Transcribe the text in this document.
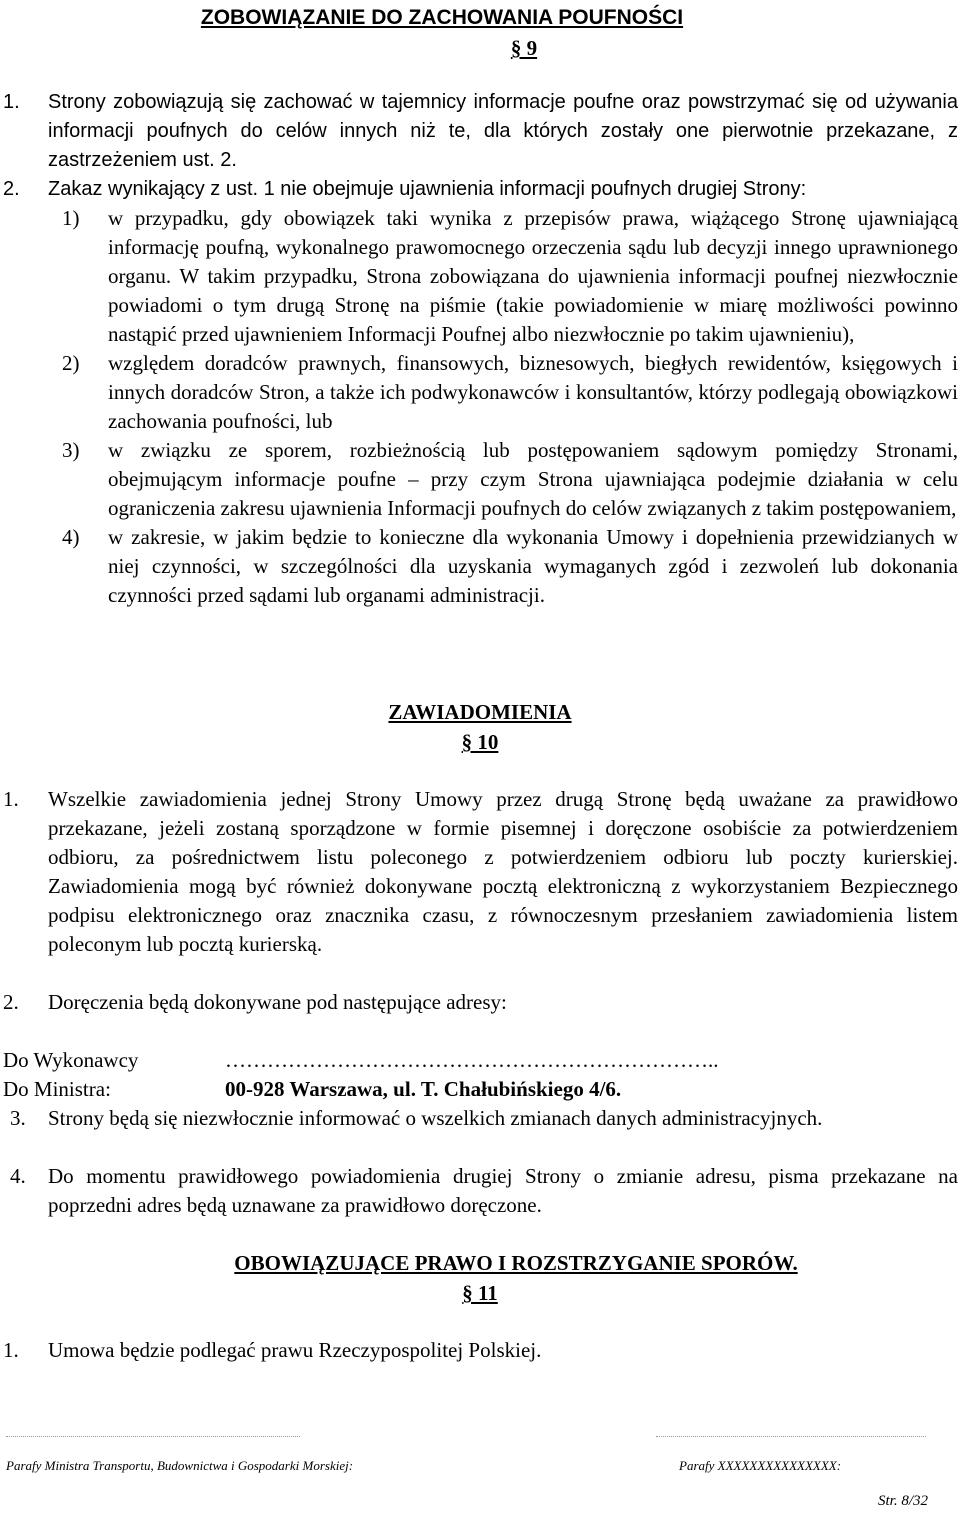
ZOBOWIĄZANIE DO ZACHOWANIA POUFNOŚCI
§ 9
1.	Strony zobowiązują się zachować w tajemnicy informacje poufne oraz powstrzymać się od używania informacji poufnych do celów innych niż te, dla których zostały one pierwotnie przekazane, z zastrzeżeniem ust. 2.
2.	Zakaz wynikający z ust. 1 nie obejmuje ujawnienia informacji poufnych drugiej Strony:
1)	w przypadku, gdy obowiązek taki wynika z przepisów prawa, wiążącego Stronę ujawniającą informację poufną, wykonalnego prawomocnego orzeczenia sądu lub decyzji innego uprawnionego organu. W takim przypadku, Strona zobowiązana do ujawnienia informacji poufnej niezwłocznie powiadomi o tym drugą Stronę na piśmie (takie powiadomienie w miarę możliwości powinno nastąpić przed ujawnieniem Informacji Poufnej albo niezwłocznie po takim ujawnieniu),
2)	względem doradców prawnych, finansowych, biznesowych, biegłych rewidentów, księgowych i innych doradców Stron, a także ich podwykonawców i konsultantów, którzy podlegają obowiązkowi zachowania poufności, lub
3)	w związku ze sporem, rozbieżnością lub postępowaniem sądowym pomiędzy Stronami, obejmującym informacje poufne – przy czym Strona ujawniająca podejmie działania w celu ograniczenia zakresu ujawnienia Informacji poufnych do celów związanych z takim postępowaniem,
4)	w zakresie, w jakim będzie to konieczne dla wykonania Umowy i dopełnienia przewidzianych w niej czynności, w szczególności dla uzyskania wymaganych zgód i zezwoleń lub dokonania czynności przed sądami lub organami administracji.
ZAWIADOMIENIA
§ 10
1.	Wszelkie zawiadomienia jednej Strony Umowy przez drugą Stronę będą uważane za prawidłowo przekazane, jeżeli zostaną sporządzone w formie pisemnej i doręczone osobiście za potwierdzeniem odbioru, za pośrednictwem listu poleconego z potwierdzeniem odbioru lub poczty kurierskiej. Zawiadomienia mogą być również dokonywane pocztą elektroniczną z wykorzystaniem Bezpiecznego podpisu elektronicznego oraz znacznika czasu, z równoczesnym przesłaniem zawiadomienia listem poleconym lub pocztą kurierską.
2.	Doręczenia będą dokonywane pod następujące adresy:
Do Wykonawcy	……………………………………………………………..
Do Ministra:	00-928 Warszawa, ul. T. Chałubińskiego 4/6.
3.	Strony będą się niezwłocznie informować o wszelkich zmianach danych administracyjnych.
4.	Do momentu prawidłowego powiadomienia drugiej Strony o zmianie adresu, pisma przekazane na poprzedni adres będą uznawane za prawidłowo doręczone.
OBOWIĄZUJĄCE PRAWO I ROZSTRZYGANIE SPORÓW.
§ 11
1.	Umowa będzie podlegać prawu Rzeczypospolitej Polskiej.
Parafy Ministra Transportu, Budownictwa i Gospodarki Morskiej:	Parafy XXXXXXXXXXXXXXX:
Str. 8/32
